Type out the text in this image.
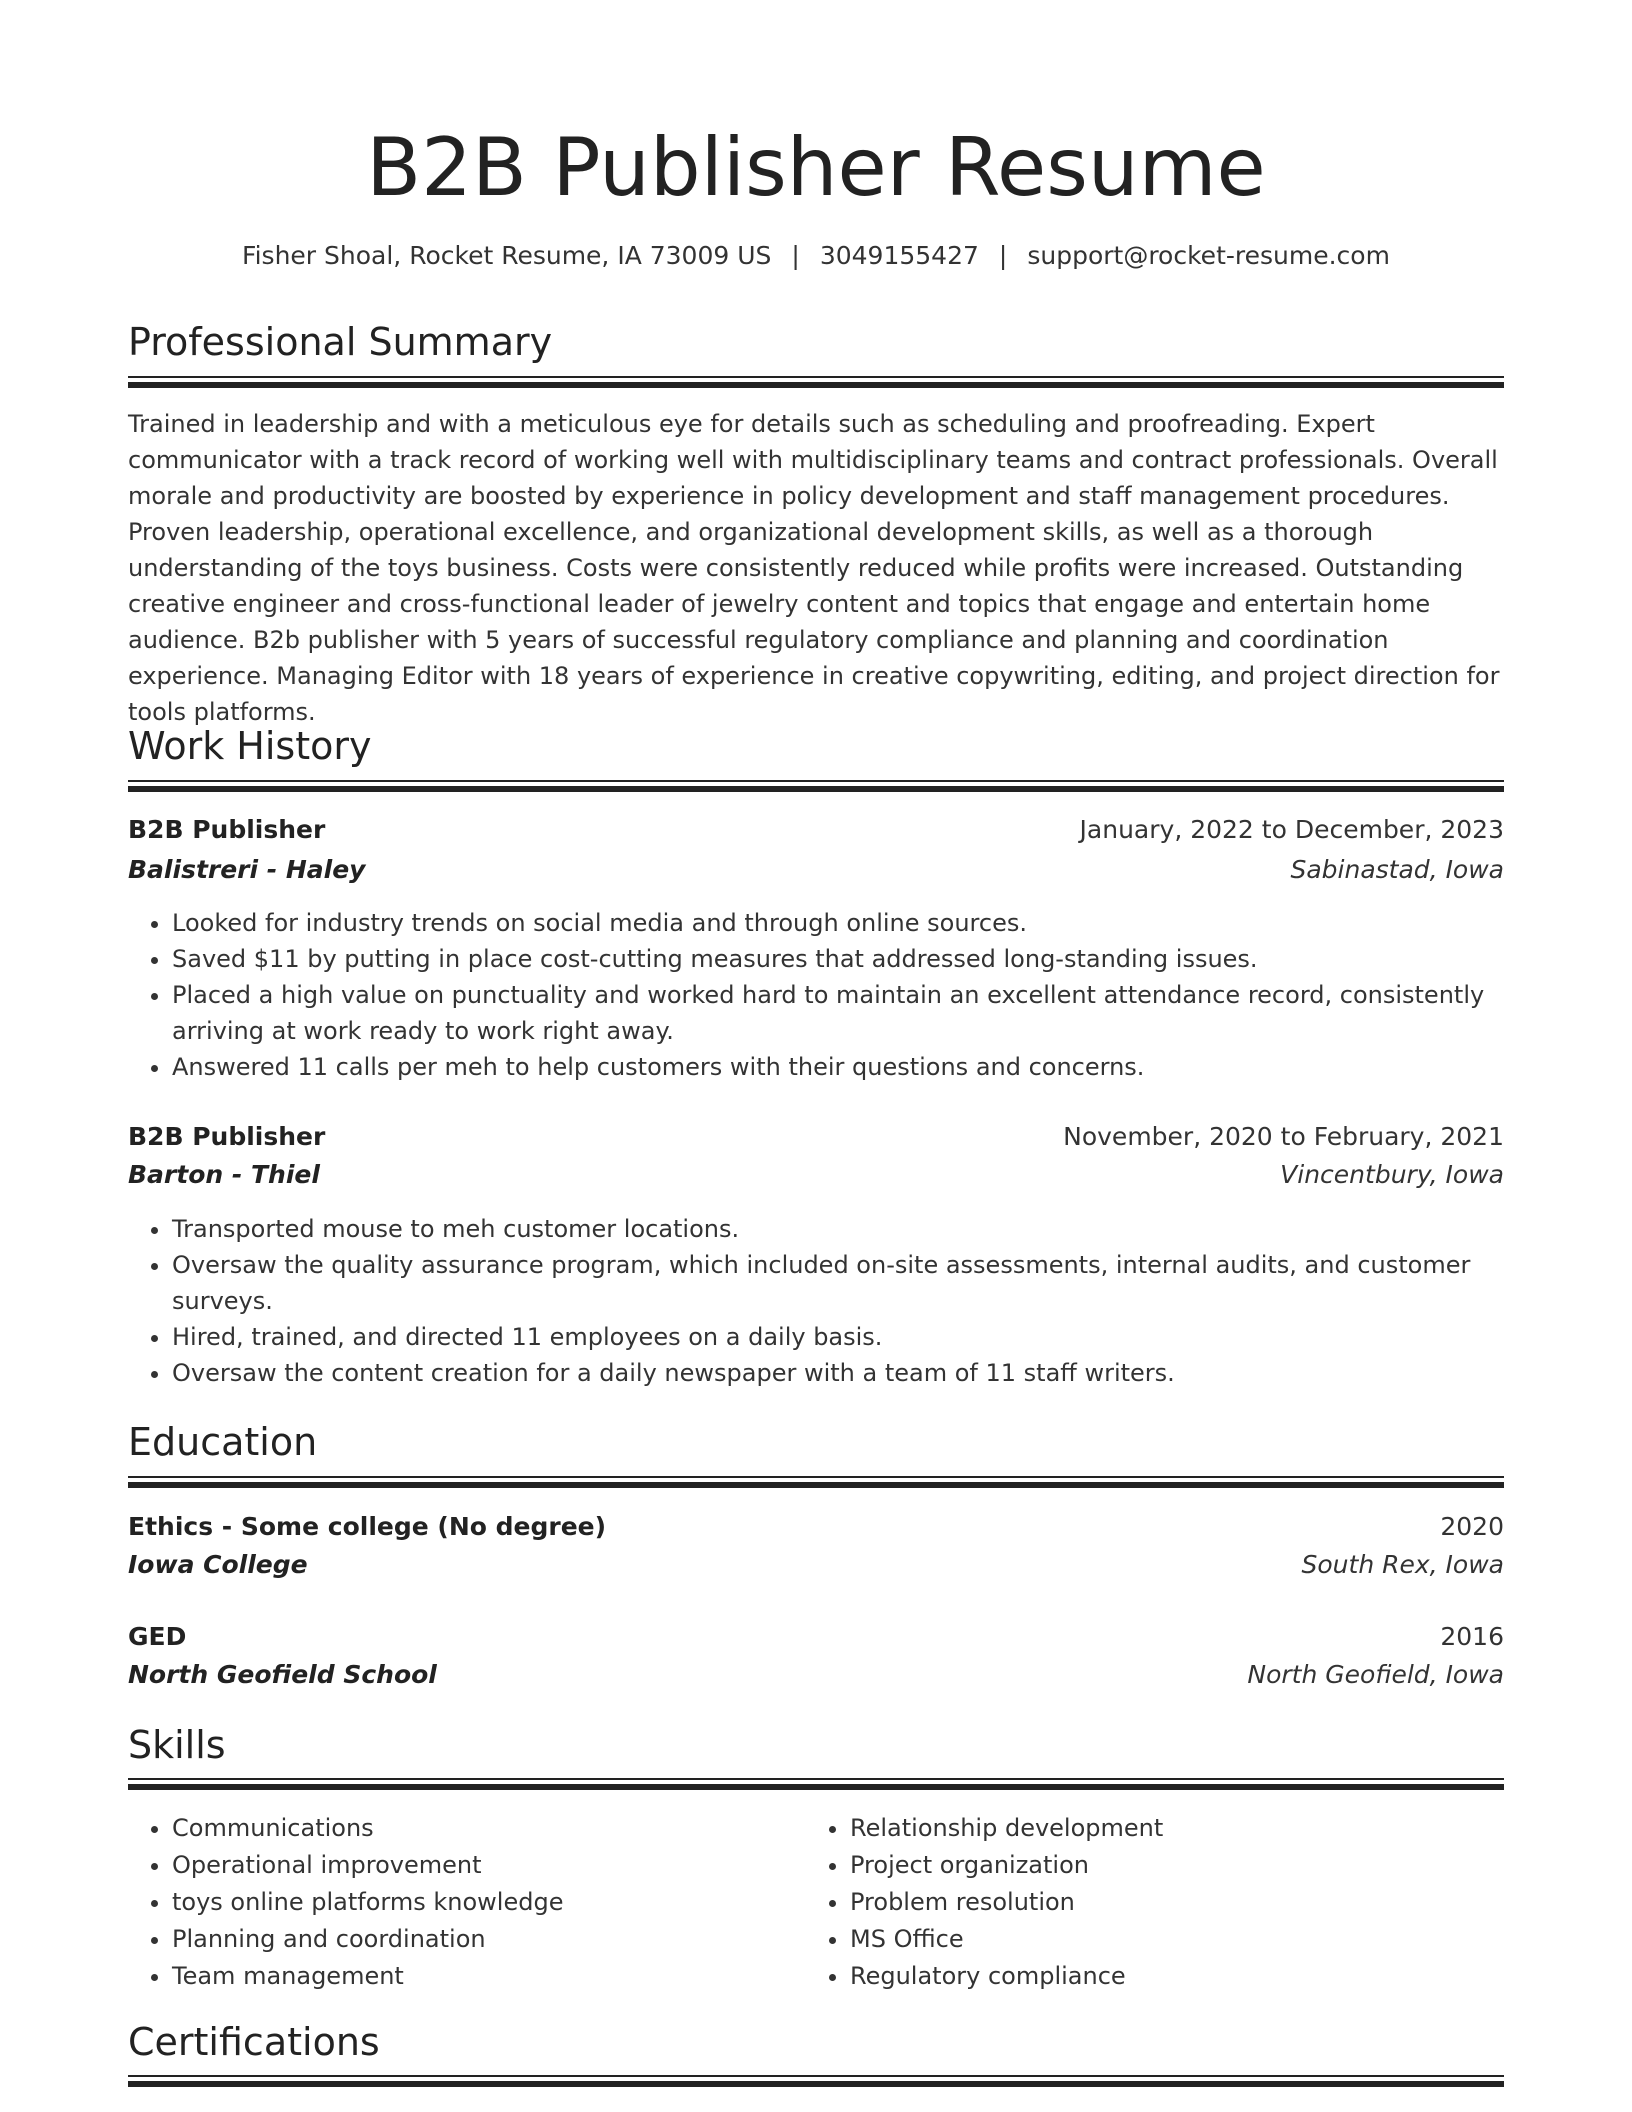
B2B Publisher Resume
Fisher Shoal, Rocket Resume, IA 73009 US | 3049155427 | support@rocket-resume.com
Professional Summary
Trained in leadership and with a meticulous eye for details such as scheduling and proofreading. Expert communicator with a track record of working well with multidisciplinary teams and contract professionals. Overall morale and productivity are boosted by experience in policy development and staff management procedures. Proven leadership, operational excellence, and organizational development skills, as well as a thorough understanding of the toys business. Costs were consistently reduced while profits were increased. Outstanding creative engineer and cross-functional leader of jewelry content and topics that engage and entertain home audience. B2b publisher with 5 years of successful regulatory compliance and planning and coordination experience. Managing Editor with 18 years of experience in creative copywriting, editing, and project direction for tools platforms.
Work History
B2B Publisher	January, 2022 to December, 2023
Balistreri - Haley	Sabinastad, Iowa
• Looked for industry trends on social media and through online sources.
• Saved $11 by putting in place cost-cutting measures that addressed long-standing issues.
• Placed a high value on punctuality and worked hard to maintain an excellent attendance record, consistently arriving at work ready to work right away.
• Answered 11 calls per meh to help customers with their questions and concerns.
B2B Publisher	November, 2020 to February, 2021
Barton - Thiel	Vincentbury, Iowa
• Transported mouse to meh customer locations.
• Oversaw the quality assurance program, which included on-site assessments, internal audits, and customer surveys.
• Hired, trained, and directed 11 employees on a daily basis.
• Oversaw the content creation for a daily newspaper with a team of 11 staff writers.
Education
Ethics - Some college (No degree)	2020
Iowa College	South Rex, Iowa
GED	2016
North Geofield School	North Geofield, Iowa
Skills
• Communications
• Operational improvement
• toys online platforms knowledge
• Planning and coordination
• Team management
• Relationship development
• Project organization
• Problem resolution
• MS Office
• Regulatory compliance
Certifications
